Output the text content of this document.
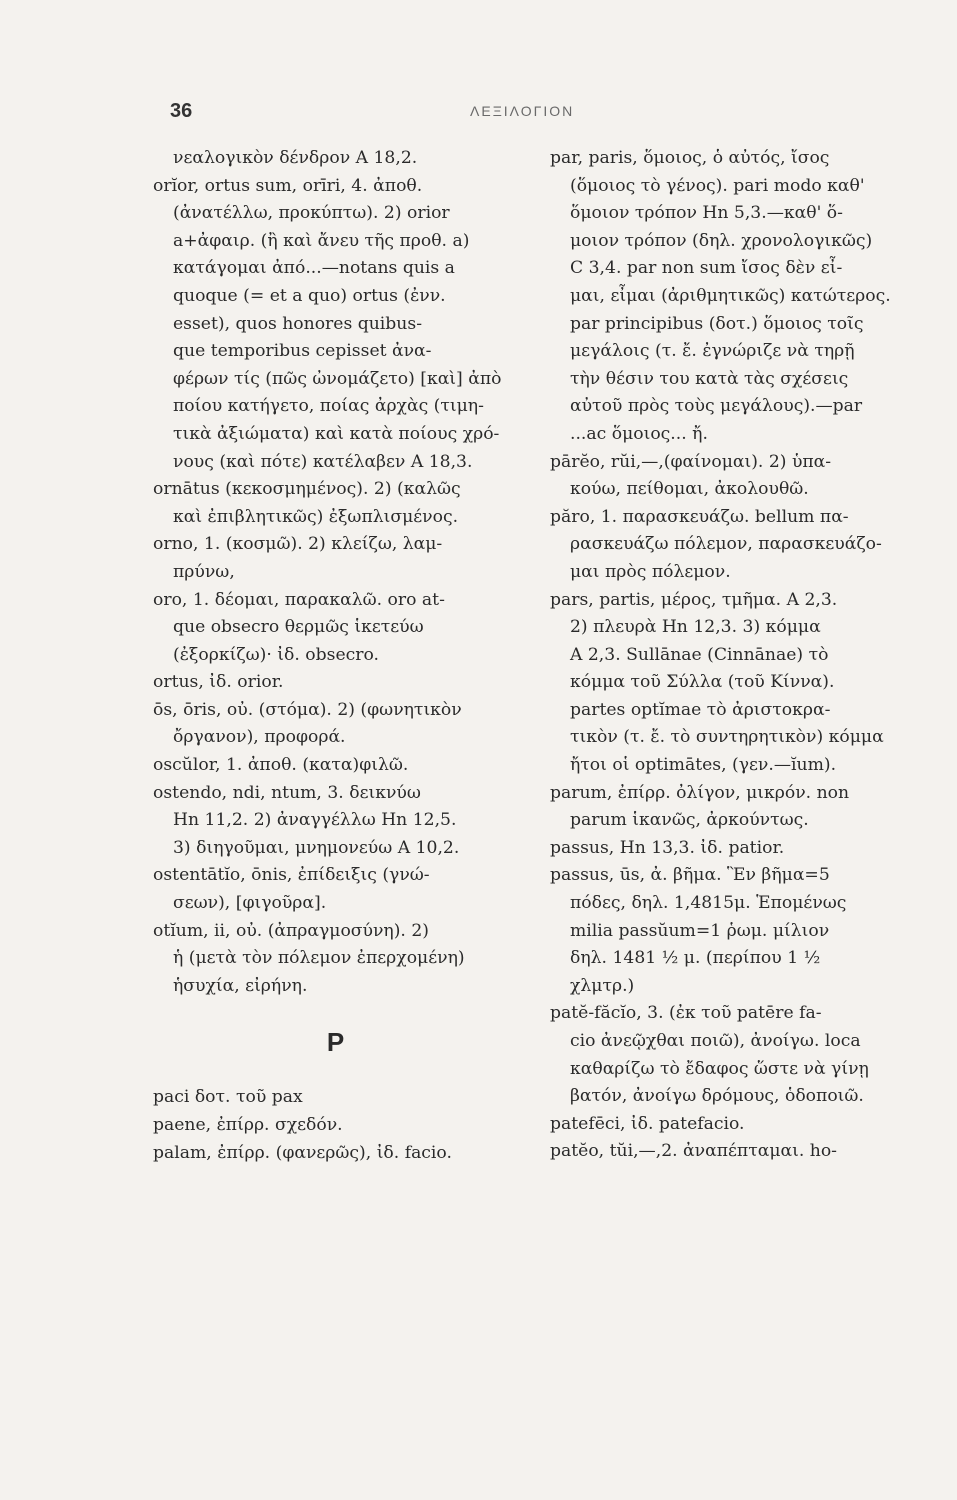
36	ΛΕΞΙΛΟΓΙΟΝ
νεαλογικὸν δένδρον Α 18,2.
orĭor, ortus sum, orīri, 4. ἀποθ.
(ἀνατέλλω, προκύπτω). 2) orior
a+ἀφαιρ. (ἢ καὶ ἄνευ τῆς προθ. a)
κατάγομαι ἀπό...—notans quis a
quoque (= et a quo) ortus (ἐνν.
esset), quos honores quibus-
que temporibus cepisset ἀνα-
φέρων τίς (πῶς ὠνομάζετο) [καὶ] ἀπὸ
ποίου κατήγετο, ποίας ἀρχὰς (τιμη-
τικὰ ἀξιώματα) καὶ κατὰ ποίους χρό-
νους (καὶ πότε) κατέλαβεν Α 18,3.
ornātus (κεκοσμημένος). 2) (καλῶς
καὶ ἐπιβλητικῶς) ἐξωπλισμένος.
orno, 1. (κοσμῶ). 2) κλείζω, λαμ-
πρύνω,
oro, 1. δέομαι, παρακαλῶ. oro at-
que obsecro θερμῶς ἱκετεύω
(ἐξορκίζω)· ἰδ. obsecro.
ortus, ἰδ. orior.
ōs, ōris, οὐ. (στόμα). 2) (φωνητικὸν
ὄργανον), προφορά.
oscŭlor, 1. ἀποθ. (κατα)φιλῶ.
ostendo, ndi, ntum, 3. δεικνύω
Hn 11,2. 2) ἀναγγέλλω Hn 12,5.
3) διηγοῦμαι, μνημονεύω Α 10,2.
ostentātĭo, ōnis, ἐπίδειξις (γνώ-
σεων), [φιγοῦρα].
otĭum, ii, οὐ. (ἀπραγμοσύνη). 2)
ἡ (μετὰ τὸν πόλεμον ἐπερχομένη)
ἡσυχία, εἰρήνη.
P
paci δοτ. τοῦ pax
paene, ἐπίρρ. σχεδόν.
palam, ἐπίρρ. (φανερῶς), ἰδ. facio.
par, paris, ὅμοιος, ὁ αὐτός, ἴσος
(ὅμοιος τὸ γένος). pari modo καθ'
ὅμοιον τρόπον Hn 5,3.—καθ' ὅ-
μοιον τρόπον (δηλ. χρονολογικῶς)
C 3,4. par non sum ἴσος δὲν εἶ-
μαι, εἶμαι (ἀριθμητικῶς) κατώτερος.
par principibus (δοτ.) ὅμοιος τοῖς
μεγάλοις (τ. ἔ. ἐγνώριζε νὰ τηρῇ
τὴν θέσιν του κατὰ τὰς σχέσεις
αὐτοῦ πρὸς τοὺς μεγάλους).—par
...ac ὅμοιος... ἤ.
pārĕo, rŭi,—,(φαίνομαι). 2) ὑπα-
κούω, πείθομαι, ἀκολουθῶ.
păro, 1. παρασκευάζω. bellum πα-
ρασκευάζω πόλεμον, παρασκευάζο-
μαι πρὸς πόλεμον.
pars, partis, μέρος, τμῆμα. Α 2,3.
2) πλευρὰ Hn 12,3. 3) κόμμα
Α 2,3. Sullānae (Cinnānae) τὸ
κόμμα τοῦ Σύλλα (τοῦ Κίννα).
partes optĭmae τὸ ἀριστοκρα-
τικὸν (τ. ἔ. τὸ συντηρητικὸν) κόμμα
ἤτοι οἱ optimātes, (γεν.—ĭum).
parum, ἐπίρρ. ὀλίγον, μικρόν. non
parum ἱκανῶς, ἀρκούντως.
passus, Hn 13,3. ἰδ. patior.
passus, ūs, ἀ. βῆμα. Ἓν βῆμα=5
πόδες, δηλ. 1,4815μ. Ἑπομένως
milia passŭum=1 ῥωμ. μίλιον
δηλ. 1481 ½ μ. (περίπου 1 ½
χλμτρ.)
patĕ-făcĭo, 3. (ἐκ τοῦ patēre fa-
cio ἀνεῷχθαι ποιῶ), ἀνοίγω. loca
καθαρίζω τὸ ἔδαφος ὥστε νὰ γίνῃ
βατόν, ἀνοίγω δρόμους, ὁδοποιῶ.
patefēci, ἰδ. patefacio.
patĕo, tŭi,—,2. ἀναπέπταμαι. ho-
